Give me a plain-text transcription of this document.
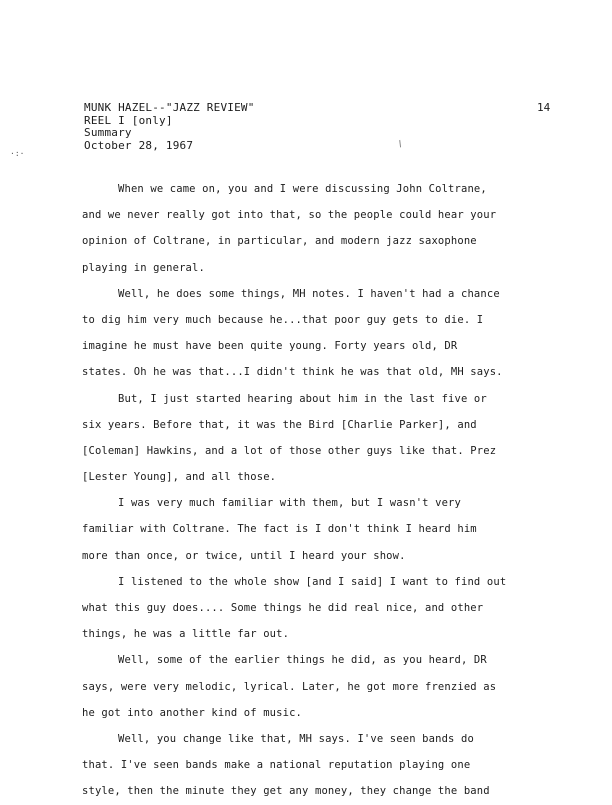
MUNK HAZEL--"JAZZ REVIEW"
REEL I [only]
Summary
October 28, 1967
14
·:·
/
When we came on, you and I were discussing John Coltrane,
and we never really got into that, so the people could hear your
opinion of Coltrane, in particular, and modern jazz saxophone
playing in general.
Well, he does some things, MH notes. I haven't had a chance
to dig him very much because he...that poor guy gets to die. I
imagine he must have been quite young. Forty years old, DR
states. Oh he was that...I didn't think he was that old, MH says.
But, I just started hearing about him in the last five or
six years. Before that, it was the Bird [Charlie Parker], and
[Coleman] Hawkins, and a lot of those other guys like that. Prez
[Lester Young], and all those.
I was very much familiar with them, but I wasn't very
familiar with Coltrane. The fact is I don't think I heard him
more than once, or twice, until I heard your show.
I listened to the whole show [and I said] I want to find out
what this guy does.... Some things he did real nice, and other
things, he was a little far out.
Well, some of the earlier things he did, as you heard, DR
says, were very melodic, lyrical. Later, he got more frenzied as
he got into another kind of music.
Well, you change like that, MH says. I've seen bands do
that. I've seen bands make a national reputation playing one
style, then the minute they get any money, they change the band
